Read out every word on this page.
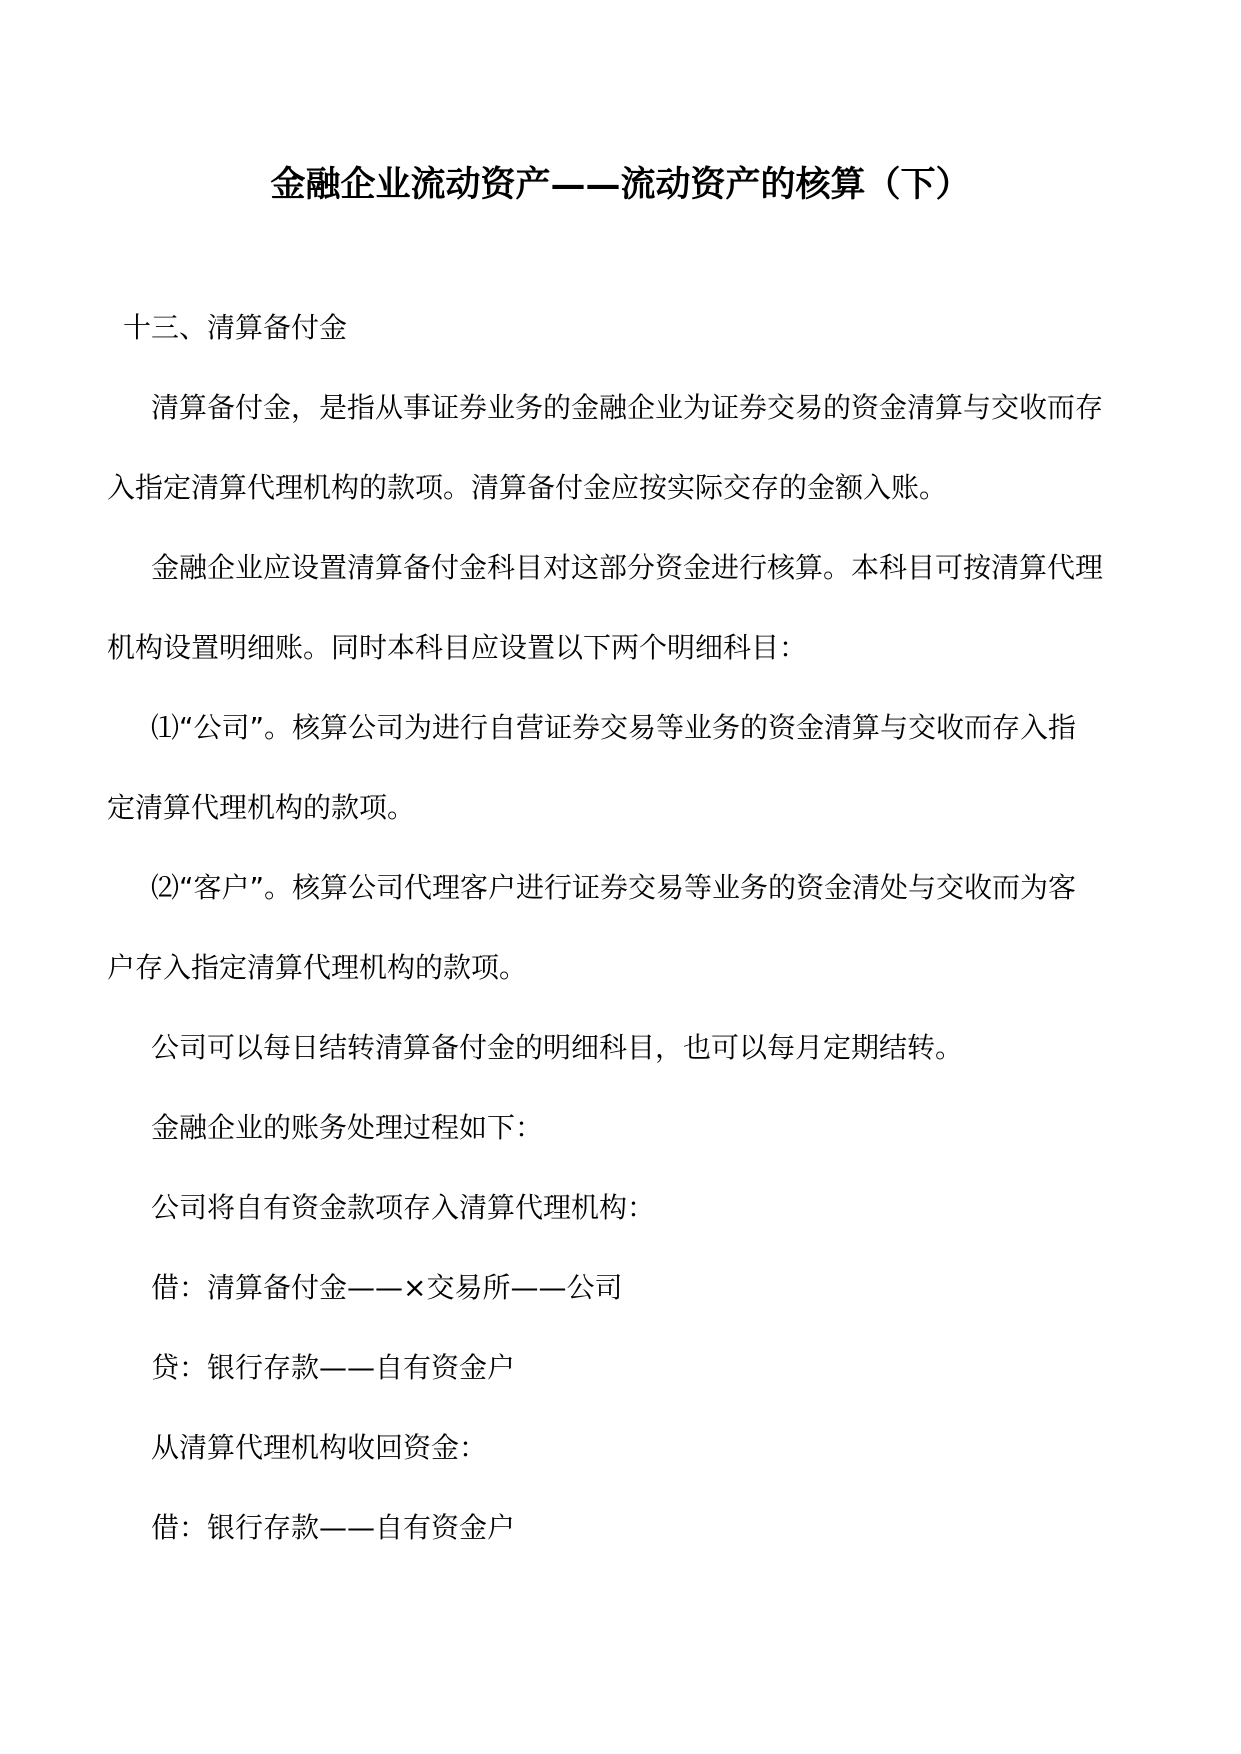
金融企业流动资产——流动资产的核算（下）
十三、清算备付金
清算备付金，是指从事证券业务的金融企业为证券交易的资金清算与交收而存
入指定清算代理机构的款项。清算备付金应按实际交存的金额入账。
金融企业应设置清算备付金科目对这部分资金进行核算。本科目可按清算代理
机构设置明细账。同时本科目应设置以下两个明细科目：
⑴“公司”。核算公司为进行自营证券交易等业务的资金清算与交收而存入指
定清算代理机构的款项。
⑵“客户”。核算公司代理客户进行证券交易等业务的资金清处与交收而为客
户存入指定清算代理机构的款项。
公司可以每日结转清算备付金的明细科目，也可以每月定期结转。
金融企业的账务处理过程如下：
公司将自有资金款项存入清算代理机构：
借：清算备付金——×交易所——公司
贷：银行存款——自有资金户
从清算代理机构收回资金：
借：银行存款——自有资金户
